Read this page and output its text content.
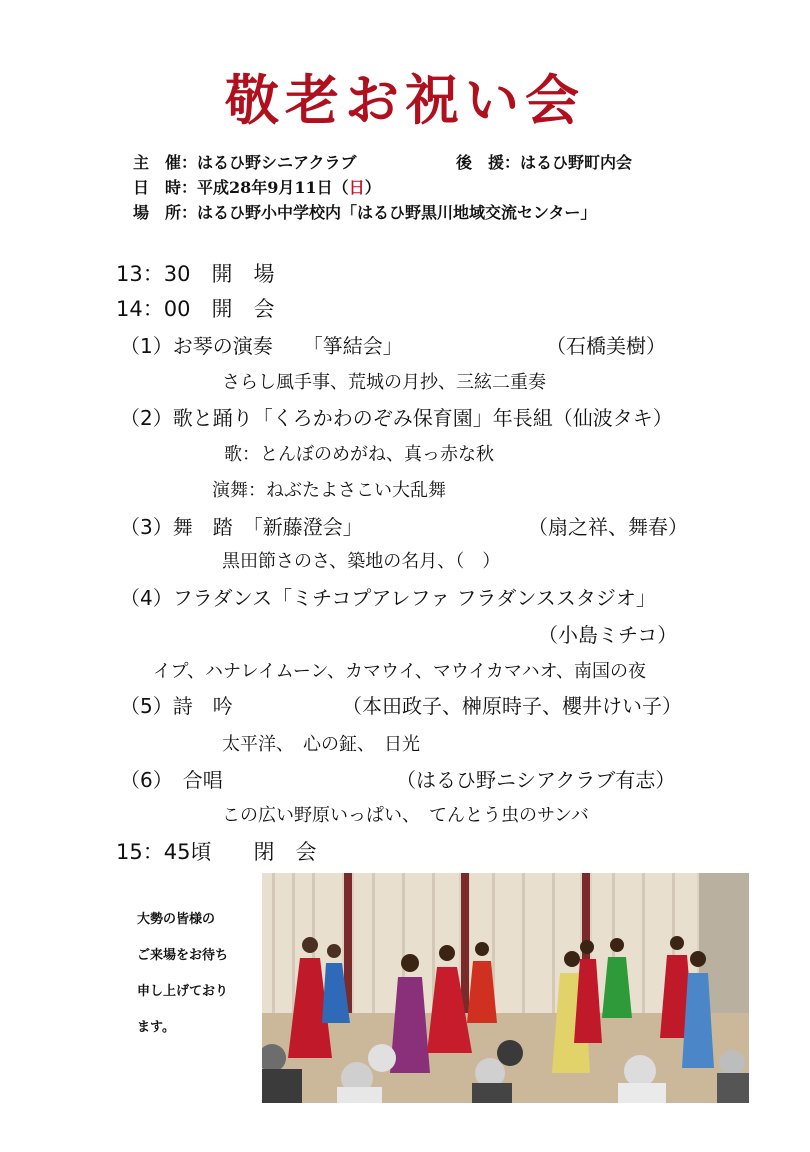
敬老お祝い会
主　催：はるひ野シニアクラブ	後　援：はるひ野町内会
日　時：平成28年9月11日（日）
場　所：はるひ野小中学校内「はるひ野黒川地域交流センター」
13：30　開　場
14：00　開　会
（1）お琴の演奏　　「箏結会」	（石橋美樹）
さらし風手事、荒城の月抄、三絃二重奏
（2）歌と踊り「くろかわのぞみ保育園」年長組（仙波タキ）
歌：とんぼのめがね、真っ赤な秋
演舞：ねぶたよさこい大乱舞
（3）舞　踏　「新藤澄会」	（扇之祥、舞春）
黒田節さのさ、築地の名月、（　）
（4）フラダンス「ミチコプアレファ フラダンススタジオ」
（小島ミチコ）
イプ、ハナレイムーン、カマウイ、マウイカマハオ、南国の夜
（5）詩　吟	（本田政子、榊原時子、櫻井けい子）
太平洋、　心の鉦、　日光
（6）　合唱	（はるひ野ニシアクラブ有志）
この広い野原いっぱい、　てんとう虫のサンバ
15：45頃　　閉　会
大勢の皆様の
ご来場をお待ち
申し上げており
ます。
